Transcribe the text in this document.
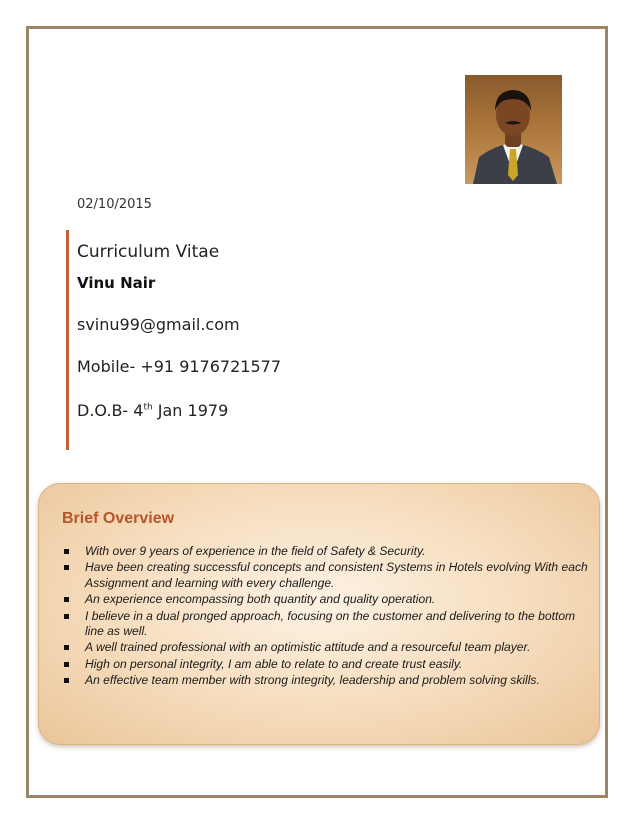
02/10/2015
Curriculum Vitae
Vinu Nair
svinu99@gmail.com
Mobile- +91 9176721577
D.O.B- 4th Jan 1979
Brief Overview
With over 9 years of experience in the field of Safety & Security.
Have been creating successful concepts and consistent Systems in Hotels evolving With each Assignment and learning with every challenge.
An experience encompassing both quantity and quality operation.
I believe in a dual pronged approach, focusing on the customer and delivering to the bottom line as well.
A well trained professional with an optimistic attitude and a resourceful team player.
High on personal integrity, I am able to relate to and create trust easily.
An effective team member with strong integrity, leadership and problem solving skills.
